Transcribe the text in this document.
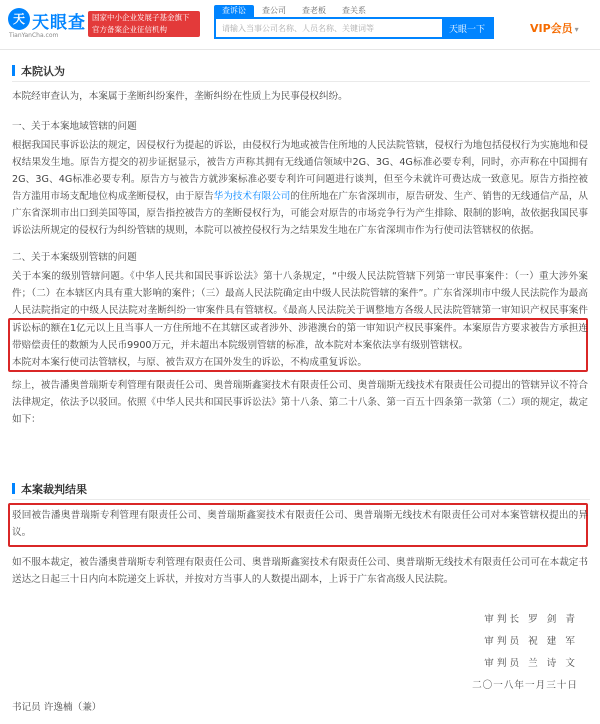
天 天眼查
TianYanCha.com
国家中小企业发展子基金旗下
官方备案企业征信机构
查诉讼	查公司	查老板	查关系
请输入当事公司名称、人员名称、关键词等
天眼一下	VIP会员 ▾
本院认为
本院经审查认为，本案属于垄断纠纷案件，垄断纠纷在性质上为民事侵权纠纷。
一、关于本案地域管辖的问题
根据我国民事诉讼法的规定，因侵权行为提起的诉讼，由侵权行为地或被告住所地的人民法院管辖，侵权行为地包括侵权行为实施地和侵权结果发生地。原告方提交的初步证据显示，被告方声称其拥有无线通信领域中2G、3G、4G标准必要专利，同时，亦声称在中国拥有2G、3G、4G标准必要专利。原告方与被告方就涉案标准必要专利许可问题进行谈判，但至今未就许可费达成一致意见。原告方指控被告方滥用市场支配地位构成垄断侵权，由于原告华为技术有限公司的住所地在广东省深圳市，原告研发、生产、销售的无线通信产品，从广东省深圳市出口到美国等国，原告指控被告方的垄断侵权行为，可能会对原告的市场竞争行为产生排除、限制的影响，故依据我国民事诉讼法所规定的侵权行为纠纷管辖的规则，本院可以被控侵权行为之结果发生地在广东省深圳市作为行使司法管辖权的依据。
二、关于本案级别管辖的问题
关于本案的级别管辖问题。《中华人民共和国民事诉讼法》第十八条规定，“中级人民法院管辖下列第一审民事案件：（一）重大涉外案件；（二）在本辖区内具有重大影响的案件；（三）最高人民法院确定由中级人民法院管辖的案件”。广东省深圳市中级人民法院作为最高人民法院指定的中级人民法院对垄断纠纷一审案件具有管辖权。《最高人民法院关于调整地方各级人民法院管辖第一审知识产权民事案件
诉讼标的额在1亿元以上且当事人一方住所地不在其辖区或者涉外、涉港澳台的第一审知识产权民事案件。本案原告方要求被告方承担连带赔偿责任的数额为人民币9900万元，并未超出本院级别管辖的标准，故本院对本案依法享有级别管辖权。
本院对本案行使司法管辖权，与原、被告双方在国外发生的诉讼，不构成重复诉讼。
综上，被告潘奥普瑞斯专利管理有限责任公司、奥普瑞斯鑫窦技术有限责任公司、奥普瑞斯无线技术有限责任公司提出的管辖异议不符合法律规定，依法予以驳回。依照《中华人民共和国民事诉讼法》第十八条、第二十八条、第一百五十四条第一款第（二）项的规定，裁定如下：
本案裁判结果
驳回被告潘奥普瑞斯专利管理有限责任公司、奥普瑞斯鑫窦技术有限责任公司、奥普瑞斯无线技术有限责任公司对本案管辖权提出的异议。
如不服本裁定，被告潘奥普瑞斯专利管理有限责任公司、奥普瑞斯鑫窦技术有限责任公司、奥普瑞斯无线技术有限责任公司可在本裁定书送达之日起三十日内向本院递交上诉状，并按对方当事人的人数提出副本，上诉于广东省高级人民法院。
审判长 罗 剑 青
审判员 祝 建 军
审判员 兰 诗 文
二〇一八年一月三十日
书记员 许逸楠（兼）
